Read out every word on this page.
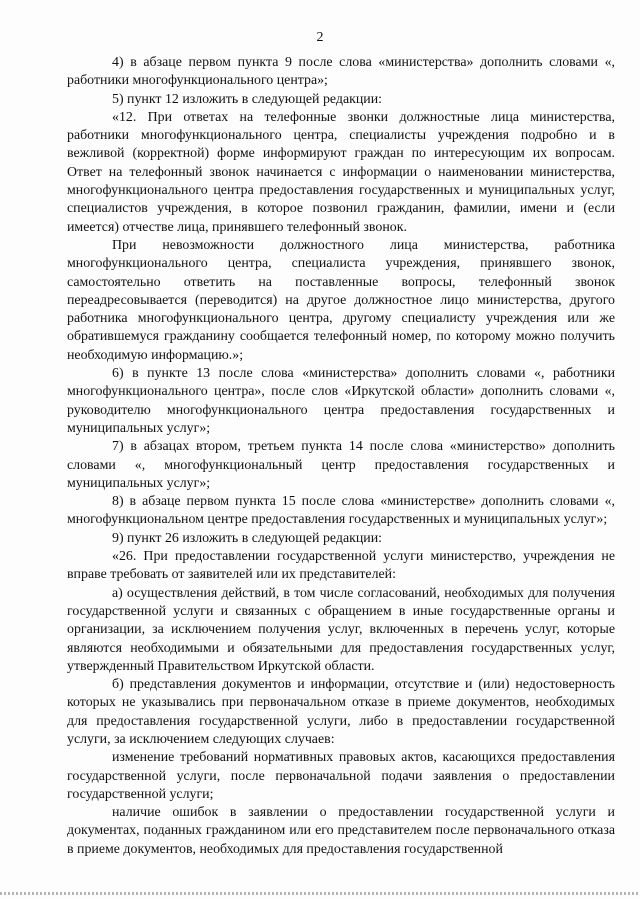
2

4) в абзаце первом пункта 9 после слова «министерства» дополнить словами «, работники многофункционального центра»;

5) пункт 12 изложить в следующей редакции:

«12. При ответах на телефонные звонки должностные лица министерства, работники многофункционального центра, специалисты учреждения подробно и в вежливой (корректной) форме информируют граждан по интересующим их вопросам. Ответ на телефонный звонок начинается с информации о наименовании министерства, многофункционального центра предоставления государственных и муниципальных услуг, специалистов учреждения, в которое позвонил гражданин, фамилии, имени и (если имеется) отчестве лица, принявшего телефонный звонок.

При невозможности должностного лица министерства, работника многофункционального центра, специалиста учреждения, принявшего звонок, самостоятельно ответить на поставленные вопросы, телефонный звонок переадресовывается (переводится) на другое должностное лицо министерства, другого работника многофункционального центра, другому специалисту учреждения или же обратившемуся гражданину сообщается телефонный номер, по которому можно получить необходимую информацию.»;

6) в пункте 13 после слова «министерства» дополнить словами «, работники многофункционального центра», после слов «Иркутской области» дополнить словами «, руководителю многофункционального центра предоставления государственных и муниципальных услуг»;

7) в абзацах втором, третьем пункта 14 после слова «министерство» дополнить словами «, многофункциональный центр предоставления государственных и муниципальных услуг»;

8) в абзаце первом пункта 15 после слова «министерстве» дополнить словами «, многофункциональном центре предоставления государственных и муниципальных услуг»;

9) пункт 26 изложить в следующей редакции:

«26. При предоставлении государственной услуги министерство, учреждения не вправе требовать от заявителей или их представителей:

а) осуществления действий, в том числе согласований, необходимых для получения государственной услуги и связанных с обращением в иные государственные органы и организации, за исключением получения услуг, включенных в перечень услуг, которые являются необходимыми и обязательными для предоставления государственных услуг, утвержденный Правительством Иркутской области.

б) представления документов и информации, отсутствие и (или) недостоверность которых не указывались при первоначальном отказе в приеме документов, необходимых для предоставления государственной услуги, либо в предоставлении государственной услуги, за исключением следующих случаев:

изменение требований нормативных правовых актов, касающихся предоставления государственной услуги, после первоначальной подачи заявления о предоставлении государственной услуги;

наличие ошибок в заявлении о предоставлении государственной услуги и документах, поданных гражданином или его представителем после первоначального отказа в приеме документов, необходимых для предоставления государственной
